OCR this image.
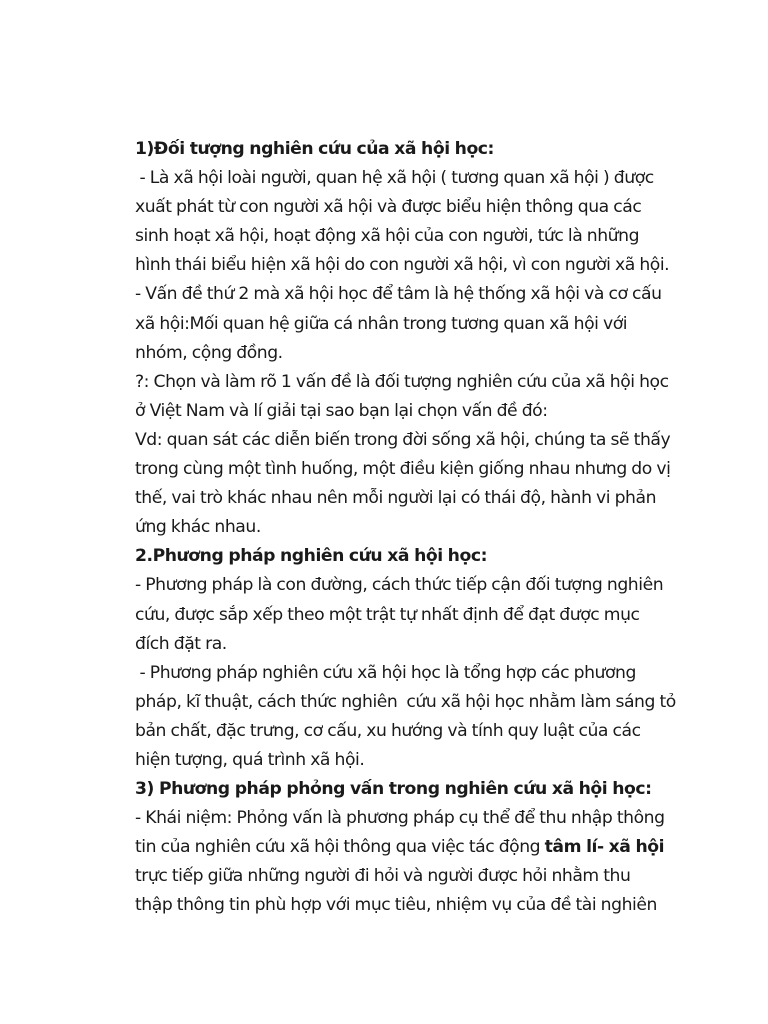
1)Đối tượng nghiên cứu của xã hội học:
- Là xã hội loài người, quan hệ xã hội ( tương quan xã hội ) được
xuất phát từ con người xã hội và được biểu hiện thông qua các
sinh hoạt xã hội, hoạt động xã hội của con người, tức là những
hình thái biểu hiện xã hội do con người xã hội, vì con người xã hội.
- Vấn đề thứ 2 mà xã hội học để tâm là hệ thống xã hội và cơ cấu
xã hội:Mối quan hệ giữa cá nhân trong tương quan xã hội với
nhóm, cộng đồng.
?: Chọn và làm rõ 1 vấn đề là đối tượng nghiên cứu của xã hội học
ở Việt Nam và lí giải tại sao bạn lại chọn vấn đề đó:
Vd: quan sát các diễn biến trong đời sống xã hội, chúng ta sẽ thấy
trong cùng một tình huống, một điều kiện giống nhau nhưng do vị
thế, vai trò khác nhau nên mỗi người lại có thái độ, hành vi phản
ứng khác nhau.
2.Phương pháp nghiên cứu xã hội học:
- Phương pháp là con đường, cách thức tiếp cận đối tượng nghiên
cứu, được sắp xếp theo một trật tự nhất định để đạt được mục
đích đặt ra.
- Phương pháp nghiên cứu xã hội học là tổng hợp các phương
pháp, kĩ thuật, cách thức nghiên  cứu xã hội học nhằm làm sáng tỏ
bản chất, đặc trưng, cơ cấu, xu hướng và tính quy luật của các
hiện tượng, quá trình xã hội.
3) Phương pháp phỏng vấn trong nghiên cứu xã hội học:
- Khái niệm: Phỏng vấn là phương pháp cụ thể để thu nhập thông
tin của nghiên cứu xã hội thông qua việc tác động tâm lí- xã hội
trực tiếp giữa những người đi hỏi và người được hỏi nhằm thu
thập thông tin phù hợp với mục tiêu, nhiệm vụ của đề tài nghiên
